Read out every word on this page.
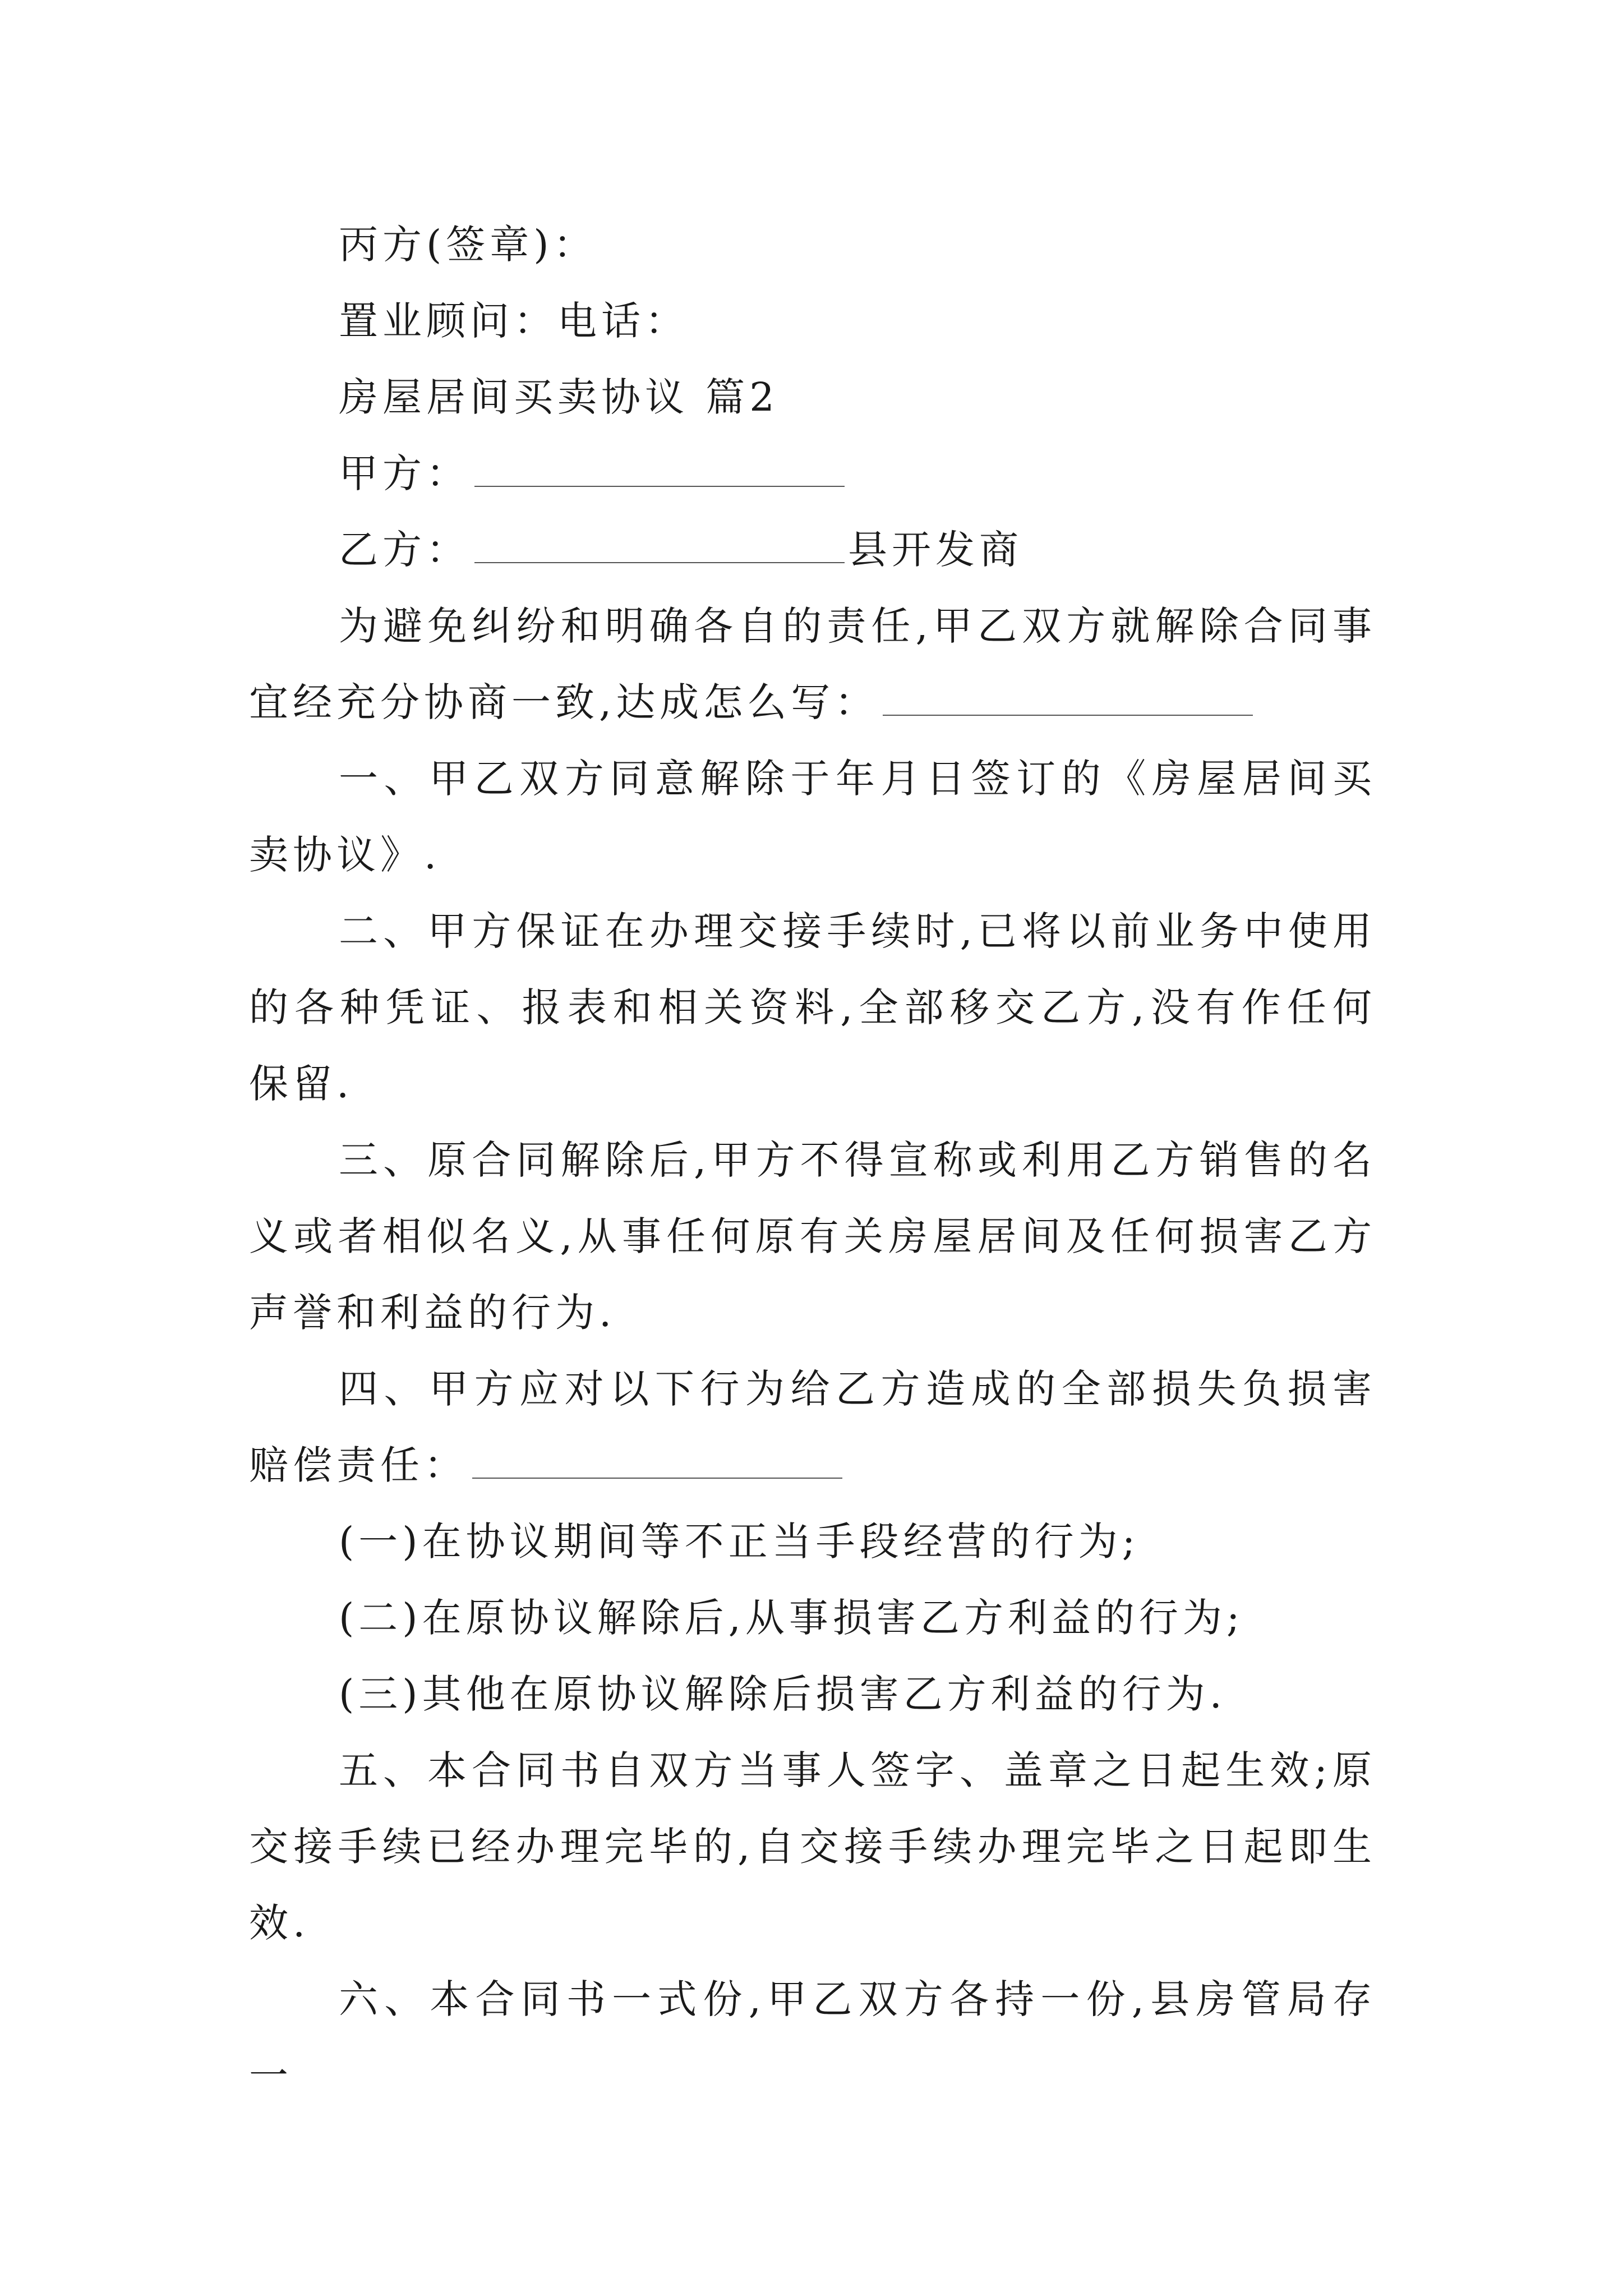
丙方(签章)：

置业顾问：电话：

房屋居间买卖协议 篇2

甲方：

乙方：	县开发商

为避免纠纷和明确各自的责任,甲乙双方就解除合同事宜经充分协商一致,达成怎么写：

一、甲乙双方同意解除于年月日签订的《房屋居间买卖协议》.

二、甲方保证在办理交接手续时,已将以前业务中使用的各种凭证、报表和相关资料,全部移交乙方,没有作任何保留.

三、原合同解除后,甲方不得宣称或利用乙方销售的名义或者相似名义,从事任何原有关房屋居间及任何损害乙方声誉和利益的行为.

四、甲方应对以下行为给乙方造成的全部损失负损害赔偿责任：

(一)在协议期间等不正当手段经营的行为;

(二)在原协议解除后,从事损害乙方利益的行为;

(三)其他在原协议解除后损害乙方利益的行为.

五、本合同书自双方当事人签字、盖章之日起生效;原交接手续已经办理完毕的,自交接手续办理完毕之日起即生效.

六、本合同书一式份,甲乙双方各持一份,县房管局存一
